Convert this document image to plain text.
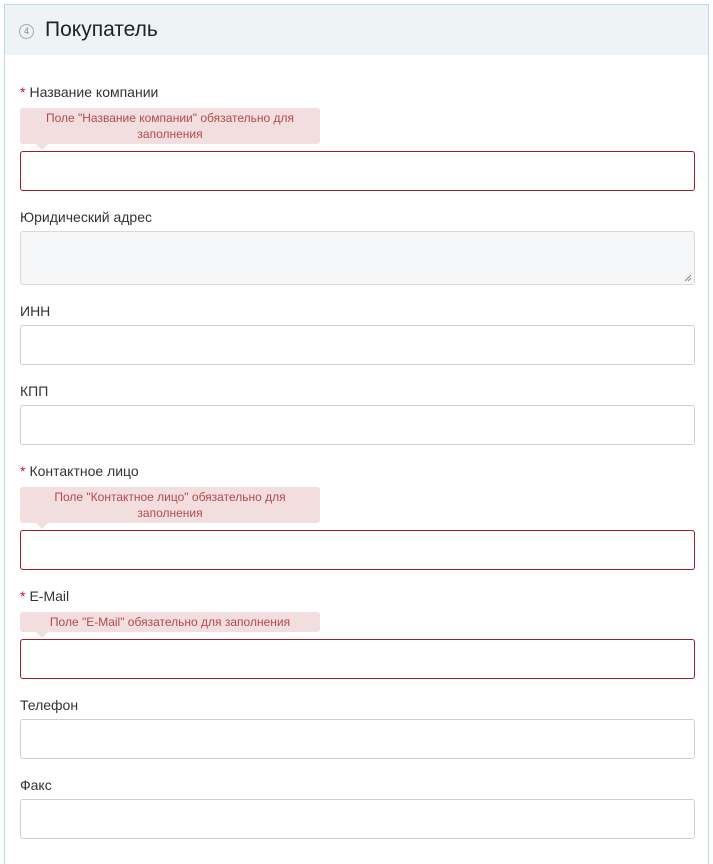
4 Покупатель
* Название компании
Поле "Название компании" обязательно для заполнения
Юридический адрес
ИНН
КПП
* Контактное лицо
Поле "Контактное лицо" обязательно для заполнения
* E-Mail
Поле "E-Mail" обязательно для заполнения
Телефон
Факс
